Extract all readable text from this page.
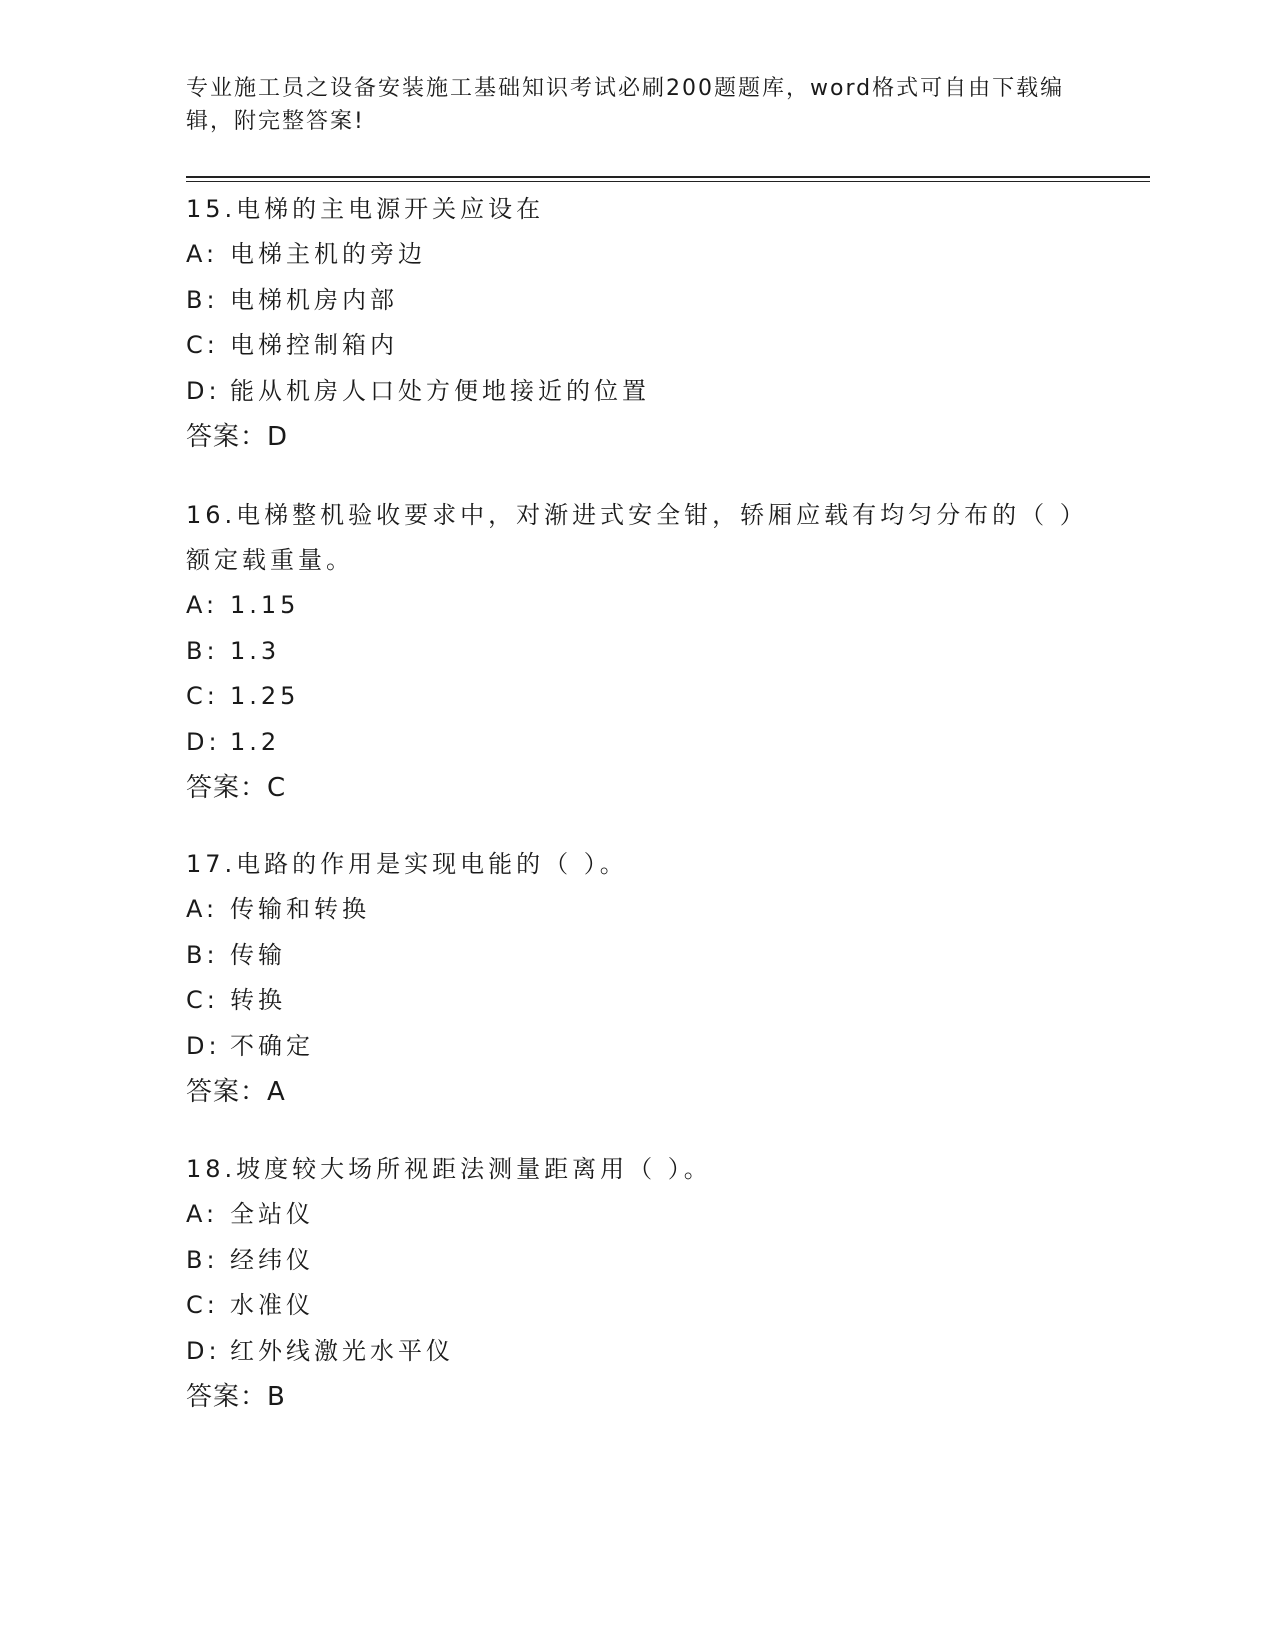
专业施工员之设备安装施工基础知识考试必刷200题题库，word格式可自由下载编辑，附完整答案!
15.电梯的主电源开关应设在
A: 电梯主机的旁边
B: 电梯机房内部
C: 电梯控制箱内
D: 能从机房人口处方便地接近的位置
答案：D
16.电梯整机验收要求中，对渐进式安全钳，轿厢应载有均匀分布的（ ）额定载重量。
A: 1.15
B: 1.3
C: 1.25
D: 1.2
答案：C
17.电路的作用是实现电能的（ ）。
A: 传输和转换
B: 传输
C: 转换
D: 不确定
答案：A
18.坡度较大场所视距法测量距离用（ ）。
A: 全站仪
B: 经纬仪
C: 水准仪
D: 红外线激光水平仪
答案：B
